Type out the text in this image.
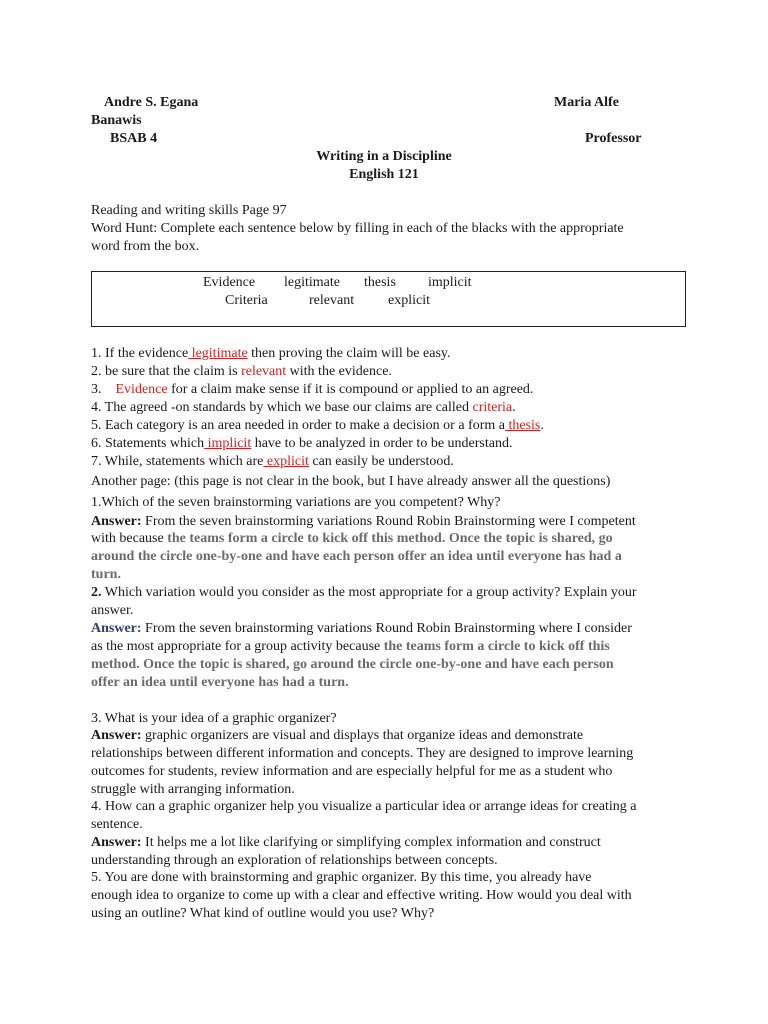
Andre S. Egana	Maria Alfe
Banawis
BSAB 4	Professor
Writing in a Discipline
English 121
Reading and writing skills Page 97
Word Hunt: Complete each sentence below by filling in each of the blacks with the appropriate
word from the box.
Evidence legitimate thesis implicit
Criteria	relevant explicit
1. If the evidence legitimate then proving the claim will be easy.
2. be sure that the claim is relevant with the evidence.
3. Evidence for a claim make sense if it is compound or applied to an agreed.
4. The agreed -on standards by which we base our claims are called criteria.
5. Each category is an area needed in order to make a decision or a form a thesis.
6. Statements which implicit have to be analyzed in order to be understand.
7. While, statements which are explicit can easily be understood.
Another page: (this page is not clear in the book, but I have already answer all the questions)
1.Which of the seven brainstorming variations are you competent? Why?
Answer: From the seven brainstorming variations Round Robin Brainstorming were I competent
with because the teams form a circle to kick off this method. Once the topic is shared, go
around the circle one-by-one and have each person offer an idea until everyone has had a
turn.
2. Which variation would you consider as the most appropriate for a group activity? Explain your
answer.
Answer: From the seven brainstorming variations Round Robin Brainstorming where I consider
as the most appropriate for a group activity because the teams form a circle to kick off this
method. Once the topic is shared, go around the circle one-by-one and have each person
offer an idea until everyone has had a turn.
3. What is your idea of a graphic organizer?
Answer: graphic organizers are visual and displays that organize ideas and demonstrate
relationships between different information and concepts. They are designed to improve learning
outcomes for students, review information and are especially helpful for me as a student who
struggle with arranging information.
4. How can a graphic organizer help you visualize a particular idea or arrange ideas for creating a
sentence.
Answer: It helps me a lot like clarifying or simplifying complex information and construct
understanding through an exploration of relationships between concepts.
5. You are done with brainstorming and graphic organizer. By this time, you already have
enough idea to organize to come up with a clear and effective writing. How would you deal with
using an outline? What kind of outline would you use? Why?
